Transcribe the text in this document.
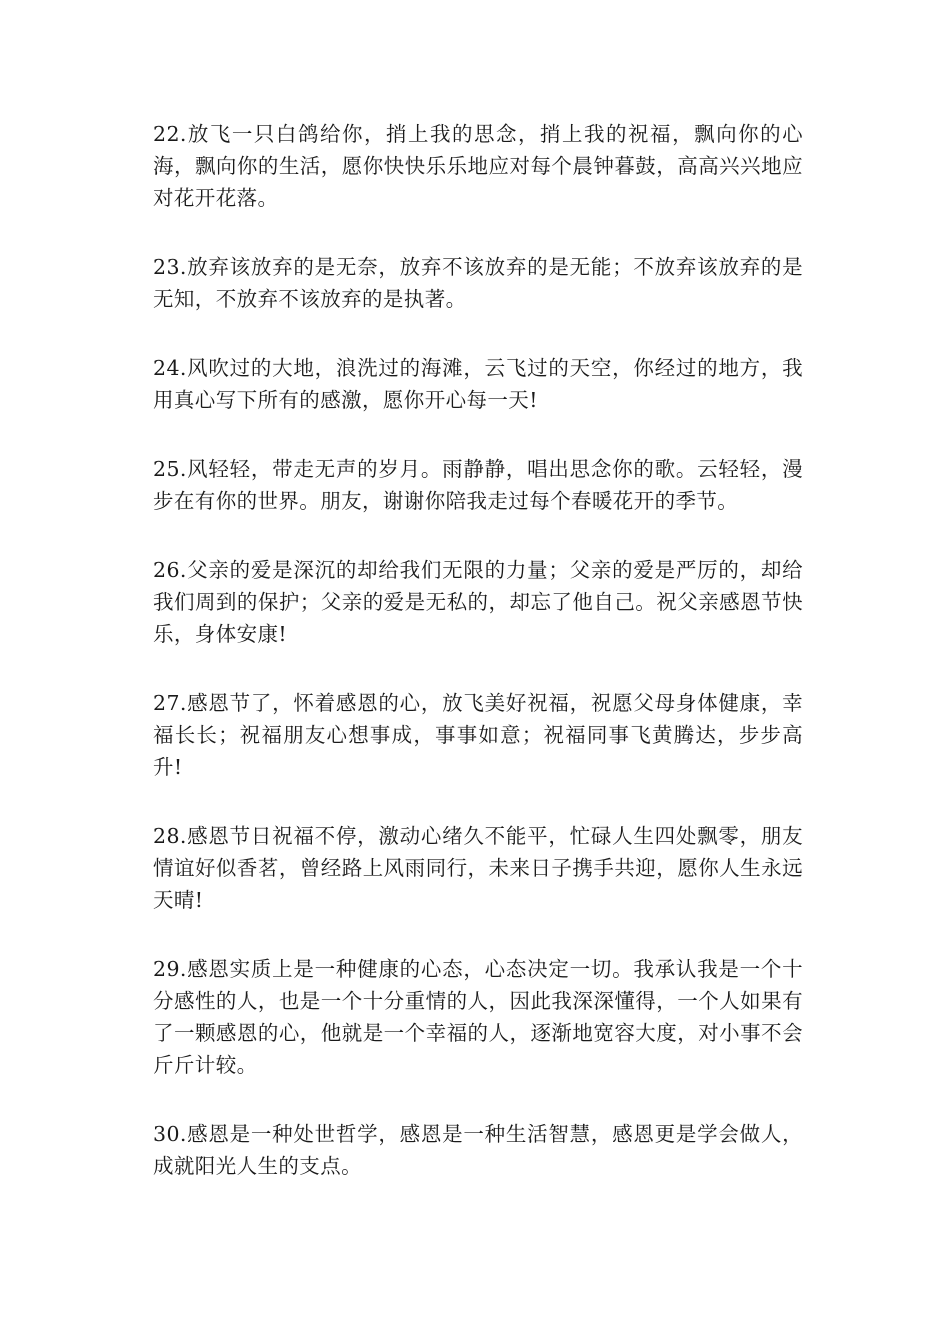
22.放飞一只白鸽给你，捎上我的思念，捎上我的祝福，飘向你的心海，飘向你的生活，愿你快快乐乐地应对每个晨钟暮鼓，高高兴兴地应对花开花落。

23.放弃该放弃的是无奈，放弃不该放弃的是无能；不放弃该放弃的是无知，不放弃不该放弃的是执著。

24.风吹过的大地，浪洗过的海滩，云飞过的天空，你经过的地方，我用真心写下所有的感激，愿你开心每一天!

25.风轻轻，带走无声的岁月。雨静静，唱出思念你的歌。云轻轻，漫步在有你的世界。朋友，谢谢你陪我走过每个春暖花开的季节。

26.父亲的爱是深沉的却给我们无限的力量；父亲的爱是严厉的，却给我们周到的保护；父亲的爱是无私的，却忘了他自己。祝父亲感恩节快乐，身体安康!

27.感恩节了，怀着感恩的心，放飞美好祝福，祝愿父母身体健康，幸福长长；祝福朋友心想事成，事事如意；祝福同事飞黄腾达，步步高升!

28.感恩节日祝福不停，激动心绪久不能平，忙碌人生四处飘零，朋友情谊好似香茗，曾经路上风雨同行，未来日子携手共迎，愿你人生永远天晴!

29.感恩实质上是一种健康的心态，心态决定一切。我承认我是一个十分感性的人，也是一个十分重情的人，因此我深深懂得，一个人如果有了一颗感恩的心，他就是一个幸福的人，逐渐地宽容大度，对小事不会斤斤计较。

30.感恩是一种处世哲学，感恩是一种生活智慧，感恩更是学会做人，成就阳光人生的支点。
